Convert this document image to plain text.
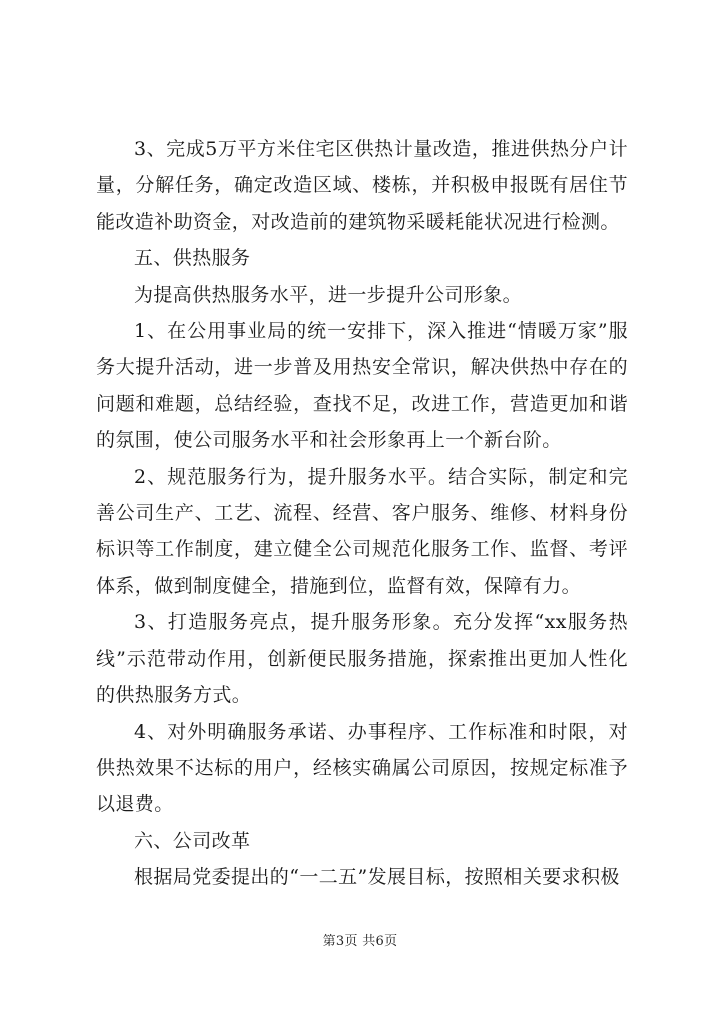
3、完成5万平方米住宅区供热计量改造，推进供热分户计量，分解任务，确定改造区域、楼栋，并积极申报既有居住节能改造补助资金，对改造前的建筑物采暖耗能状况进行检测。

五、供热服务

为提高供热服务水平，进一步提升公司形象。

1、在公用事业局的统一安排下，深入推进“情暖万家”服务大提升活动，进一步普及用热安全常识，解决供热中存在的问题和难题，总结经验，查找不足，改进工作，营造更加和谐的氛围，使公司服务水平和社会形象再上一个新台阶。

2、规范服务行为，提升服务水平。结合实际，制定和完善公司生产、工艺、流程、经营、客户服务、维修、材料身份标识等工作制度，建立健全公司规范化服务工作、监督、考评体系，做到制度健全，措施到位，监督有效，保障有力。

3、打造服务亮点，提升服务形象。充分发挥“xx服务热线”示范带动作用，创新便民服务措施，探索推出更加人性化的供热服务方式。

4、对外明确服务承诺、办事程序、工作标准和时限，对供热效果不达标的用户，经核实确属公司原因，按规定标准予以退费。

六、公司改革

根据局党委提出的“一二五”发展目标，按照相关要求积极

第3页 共6页
